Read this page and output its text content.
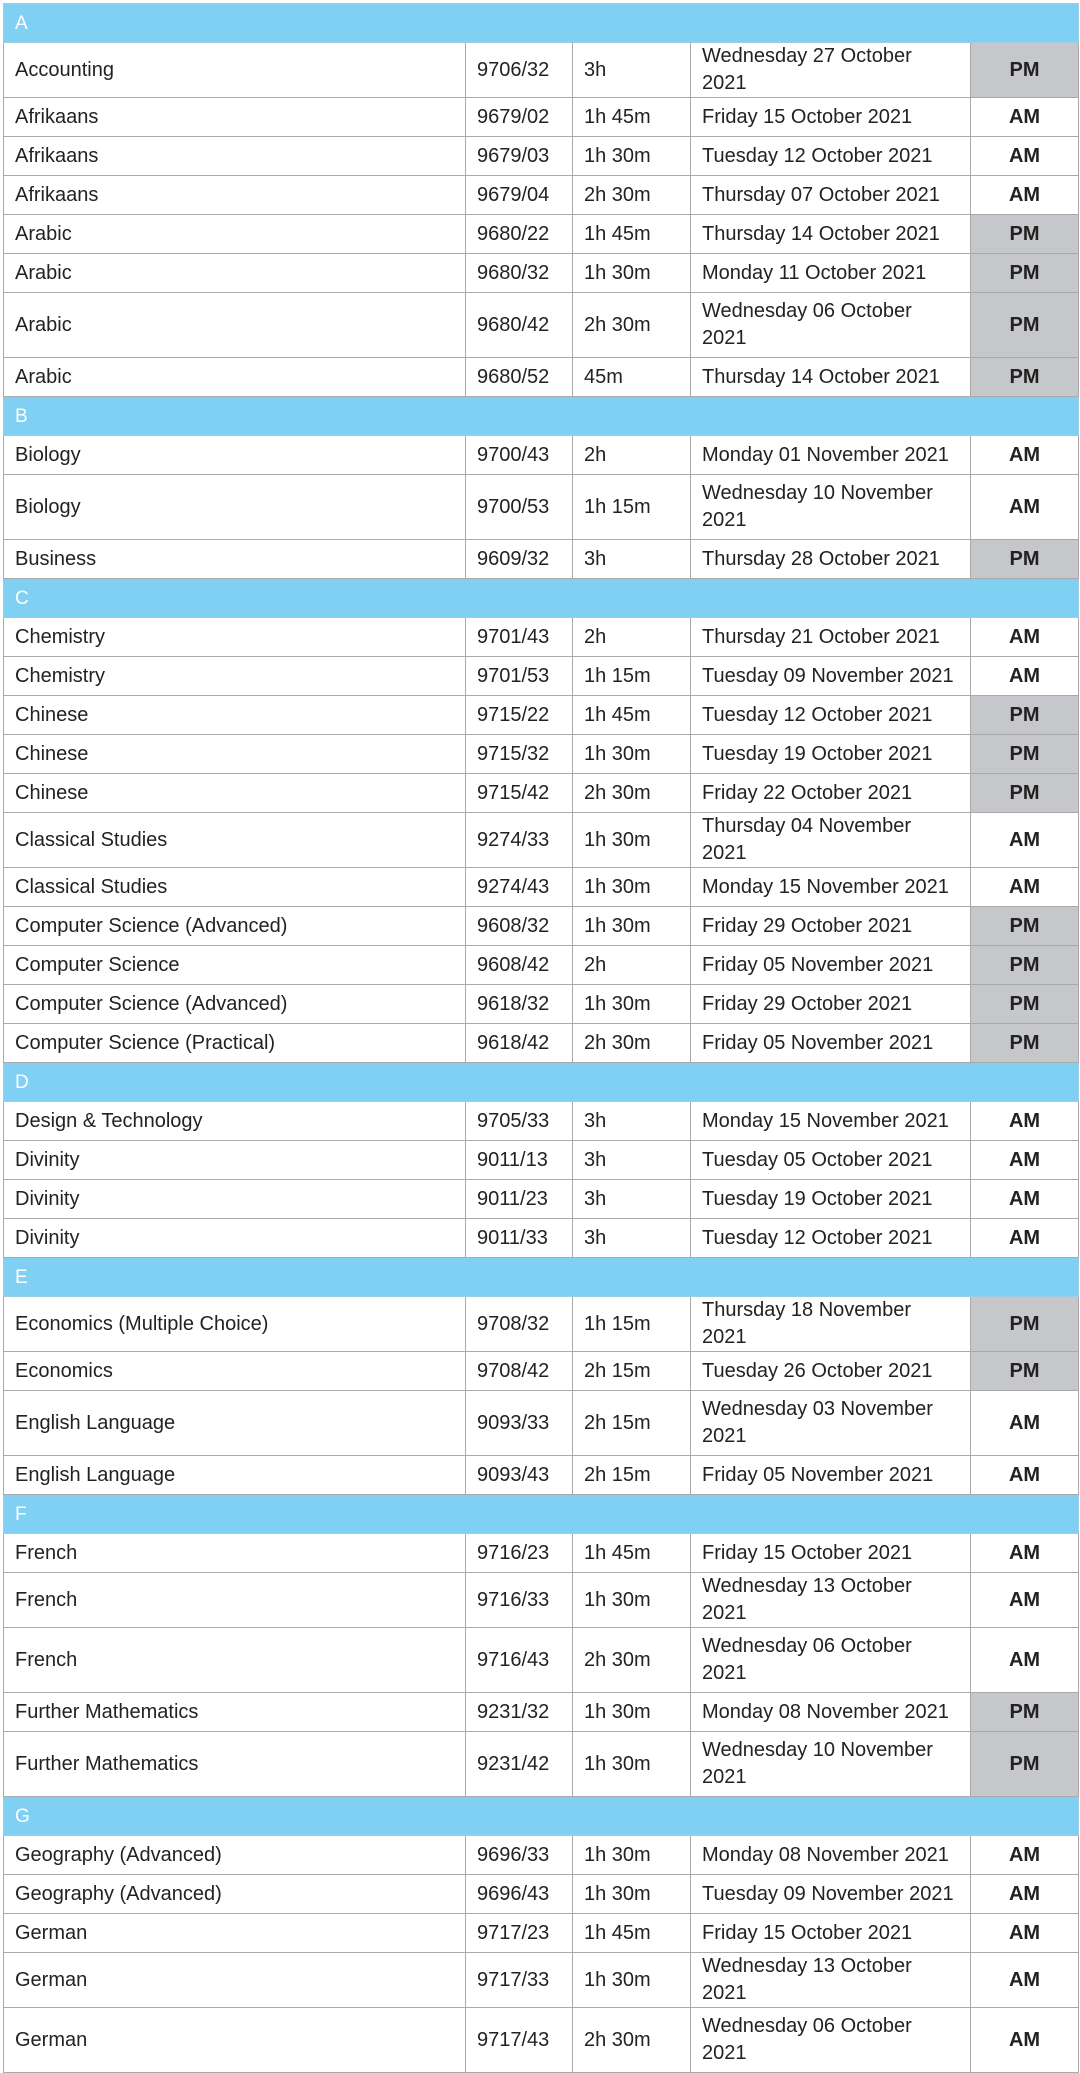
A				
Accounting	9706/32	3h	Wednesday 27 October 2021	PM
Afrikaans	9679/02	1h 45m	Friday 15 October 2021	AM
Afrikaans	9679/03	1h 30m	Tuesday 12 October 2021	AM
Afrikaans	9679/04	2h 30m	Thursday 07 October 2021	AM
Arabic	9680/22	1h 45m	Thursday 14 October 2021	PM
Arabic	9680/32	1h 30m	Monday 11 October 2021	PM
Arabic	9680/42	2h 30m	Wednesday 06 October 2021	PM
Arabic	9680/52	45m	Thursday 14 October 2021	PM
B				
Biology	9700/43	2h	Monday 01 November 2021	AM
Biology	9700/53	1h 15m	Wednesday 10 November 2021	AM
Business	9609/32	3h	Thursday 28 October 2021	PM
C				
Chemistry	9701/43	2h	Thursday 21 October 2021	AM
Chemistry	9701/53	1h 15m	Tuesday 09 November 2021	AM
Chinese	9715/22	1h 45m	Tuesday 12 October 2021	PM
Chinese	9715/32	1h 30m	Tuesday 19 October 2021	PM
Chinese	9715/42	2h 30m	Friday 22 October 2021	PM
Classical Studies	9274/33	1h 30m	Thursday 04 November 2021	AM
Classical Studies	9274/43	1h 30m	Monday 15 November 2021	AM
Computer Science (Advanced)	9608/32	1h 30m	Friday 29 October 2021	PM
Computer Science	9608/42	2h	Friday 05 November 2021	PM
Computer Science (Advanced)	9618/32	1h 30m	Friday 29 October 2021	PM
Computer Science (Practical)	9618/42	2h 30m	Friday 05 November 2021	PM
D				
Design & Technology	9705/33	3h	Monday 15 November 2021	AM
Divinity	9011/13	3h	Tuesday 05 October 2021	AM
Divinity	9011/23	3h	Tuesday 19 October 2021	AM
Divinity	9011/33	3h	Tuesday 12 October 2021	AM
E				
Economics (Multiple Choice)	9708/32	1h 15m	Thursday 18 November 2021	PM
Economics	9708/42	2h 15m	Tuesday 26 October 2021	PM
English Language	9093/33	2h 15m	Wednesday 03 November 2021	AM
English Language	9093/43	2h 15m	Friday 05 November 2021	AM
F				
French	9716/23	1h 45m	Friday 15 October 2021	AM
French	9716/33	1h 30m	Wednesday 13 October 2021	AM
French	9716/43	2h 30m	Wednesday 06 October 2021	AM
Further Mathematics	9231/32	1h 30m	Monday 08 November 2021	PM
Further Mathematics	9231/42	1h 30m	Wednesday 10 November 2021	PM
G				
Geography (Advanced)	9696/33	1h 30m	Monday 08 November 2021	AM
Geography (Advanced)	9696/43	1h 30m	Tuesday 09 November 2021	AM
German	9717/23	1h 45m	Friday 15 October 2021	AM
German	9717/33	1h 30m	Wednesday 13 October 2021	AM
German	9717/43	2h 30m	Wednesday 06 October 2021	AM
